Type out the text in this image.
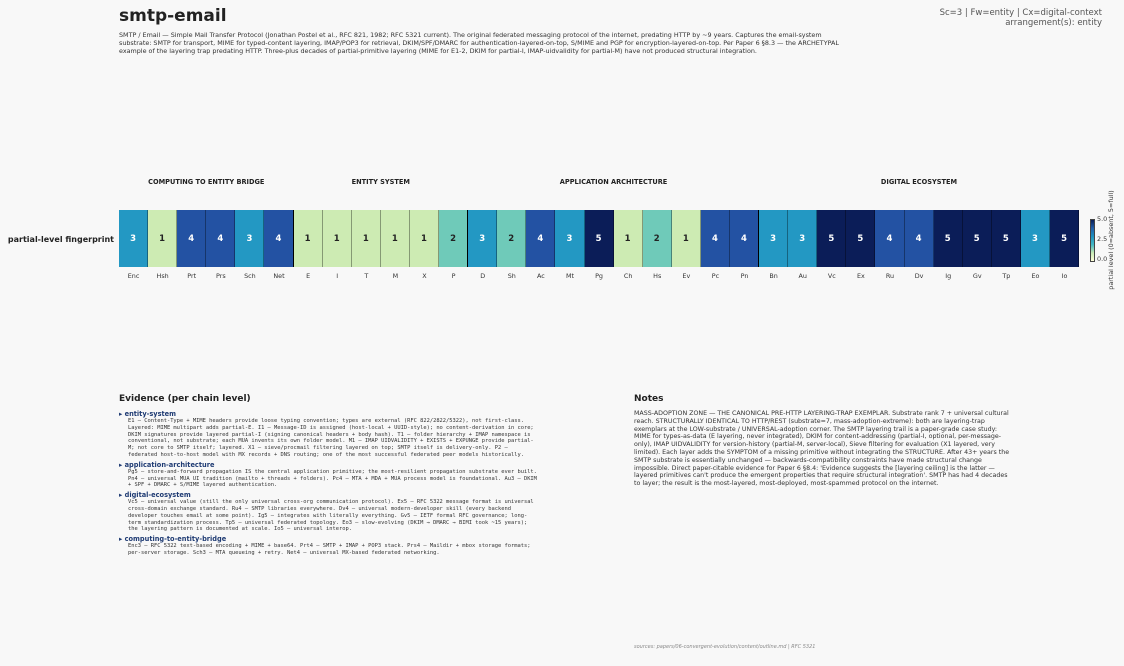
smtp-email	Sc=3 | Fw=entity | Cx=digital-context
arrangement(s): entity
SMTP / Email — Simple Mail Transfer Protocol (Jonathan Postel et al., RFC 821, 1982; RFC 5321 current). The original federated messaging protocol of the internet, predating HTTP by ~9 years. Captures the email-system substrate: SMTP for transport, MIME for typed-content layering, IMAP/POP3 for retrieval, DKIM/SPF/DMARC for authentication-layered-on-top, S/MIME and PGP for encryption-layered-on-top. Per Paper 6 §8.3 — the ARCHETYPAL example of the layering trap predating HTTP. Three-plus decades of partial-primitive layering (MIME for E1-2, DKIM for partial-I, IMAP-uidvalidity for partial-M) have not produced structural integration.
COMPUTING TO ENTITY BRIDGE	ENTITY SYSTEM	APPLICATION ARCHITECTURE	DIGITAL ECOSYSTEM
partial-level fingerprint	3	1	4	4	3	4	1	1	1	1	1	2	3	2	4	3	5	1	2	1	4	4	3	3	5	5	4	4	5	5	5	3	5
Enc	Hsh	Prt	Prs	Sch	Net	E	I	T	M	X	P	D	Sh	Ac	Mt	Pg	Ch	Hs	Ev	Pc	Pn	Bn	Au	Vc	Ex	Ru	Dv	Ig	Gv	Tp	Eo	Io
5.0
2.5
0.0 partial level (0=absent, 5=full)
Evidence (per chain level)
▸ entity-system
E1 — Content-Type + MIME headers provide loose typing convention; types are external (RFC 822/2822/5322), not first-class. Layered: MIME multipart adds partial-E. I1 — Message-ID is assigned (host-local + UUID-style); no content-derivation in core; DKIM signatures provide layered partial-I (signing canonical headers + body hash). T1 — folder hierarchy + IMAP namespace is conventional, not substrate; each MUA invents its own folder model. M1 — IMAP UIDVALIDITY + EXISTS + EXPUNGE provide partial-M; not core to SMTP itself; layered. X1 — sieve/procmail filtering layered on top; SMTP itself is delivery-only. P2 — federated host-to-host model with MX records + DNS routing; one of the most successful federated peer models historically.
▸ application-architecture
Pg5 — store-and-forward propagation IS the central application primitive; the most-resilient propagation substrate ever built. Pn4 — universal MUA UI tradition (mailto + threads + folders). Pc4 — MTA + MDA + MUA process model is foundational. Au3 — DKIM + SPF + DMARC + S/MIME layered authentication.
▸ digital-ecosystem
Vc5 — universal value (still the only universal cross-org communication protocol). Ex5 — RFC 5322 message format is universal cross-domain exchange standard. Ru4 — SMTP libraries everywhere. Dv4 — universal modern-developer skill (every backend developer touches email at some point). Ig5 — integrates with literally everything. Gv5 — IETF formal RFC governance; long-term standardization process. Tp5 — universal federated topology. Eo3 — slow-evolving (DKIM → DMARC → BIMI took ~15 years); the layering pattern is documented at scale. Io5 — universal interop.
▸ computing-to-entity-bridge
Enc3 — RFC 5322 text-based encoding + MIME + base64. Prt4 — SMTP + IMAP + POP3 stack. Prs4 — Maildir + mbox storage formats; per-server storage. Sch3 — MTA queueing + retry. Net4 — universal MX-based federated networking.
Notes
MASS-ADOPTION ZONE — THE CANONICAL PRE-HTTP LAYERING-TRAP EXEMPLAR. Substrate rank 7 + universal cultural reach. STRUCTURALLY IDENTICAL TO HTTP/REST (substrate=7, mass-adoption-extreme): both are layering-trap exemplars at the LOW-substrate / UNIVERSAL-adoption corner. The SMTP layering trail is a paper-grade case study: MIME for types-as-data (E layering, never integrated), DKIM for content-addressing (partial-I, optional, per-message-only), IMAP UIDVALIDITY for version-history (partial-M, server-local), Sieve filtering for evaluation (X1 layered, very limited). Each layer adds the SYMPTOM of a missing primitive without integrating the STRUCTURE. After 43+ years the SMTP substrate is essentially unchanged — backwards-compatibility constraints have made structural change impossible. Direct paper-citable evidence for Paper 6 §8.4: 'Evidence suggests the [layering ceiling] is the latter — layered primitives can't produce the emergent properties that require structural integration'. SMTP has had 4 decades to layer; the result is the most-layered, most-deployed, most-spammed protocol on the internet.
sources: papers/06-convergent-evolution/content/outline.md | RFC 5321
